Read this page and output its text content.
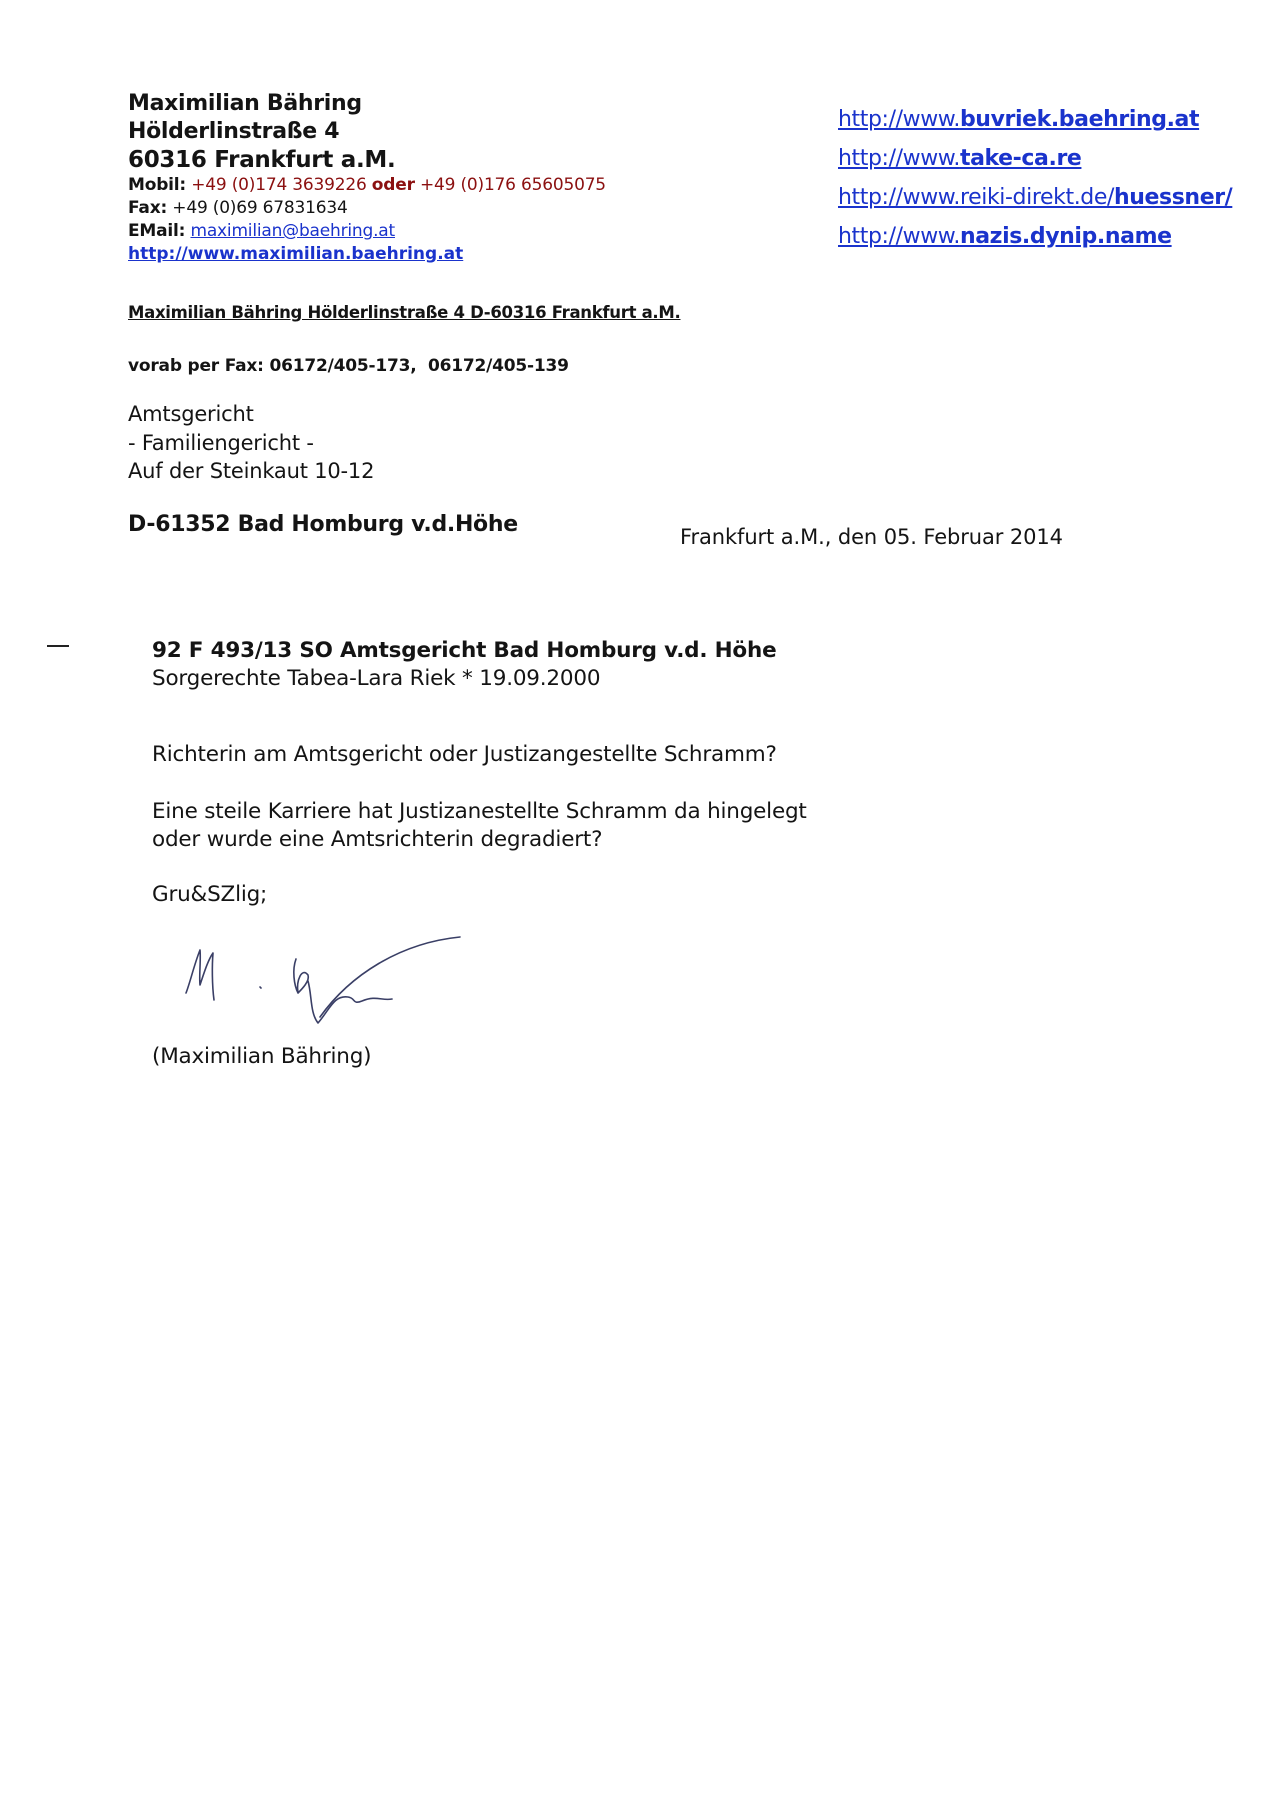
Maximilian Bähring
Hölderlinstraße 4
60316 Frankfurt a.M.
Mobil: +49 (0)174 3639226 oder +49 (0)176 65605075
Fax: +49 (0)69 67831634
EMail: maximilian@baehring.at
http://www.maximilian.baehring.at
http://www.buvriek.baehring.at
http://www.take-ca.re
http://www.reiki-direkt.de/huessner/
http://www.nazis.dynip.name
Maximilian Bähring Hölderlinstraße 4 D-60316 Frankfurt a.M.
vorab per Fax: 06172/405-173,  06172/405-139
Amtsgericht
- Familiengericht -
Auf der Steinkaut 10-12
D-61352 Bad Homburg v.d.Höhe	Frankfurt a.M., den 05. Februar 2014
92 F 493/13 SO Amtsgericht Bad Homburg v.d. Höhe
Sorgerechte Tabea-Lara Riek * 19.09.2000
Richterin am Amtsgericht oder Justizangestellte Schramm?
Eine steile Karriere hat Justizanestellte Schramm da hingelegt
oder wurde eine Amtsrichterin degradiert?
Gru&SZlig;
(Maximilian Bähring)
